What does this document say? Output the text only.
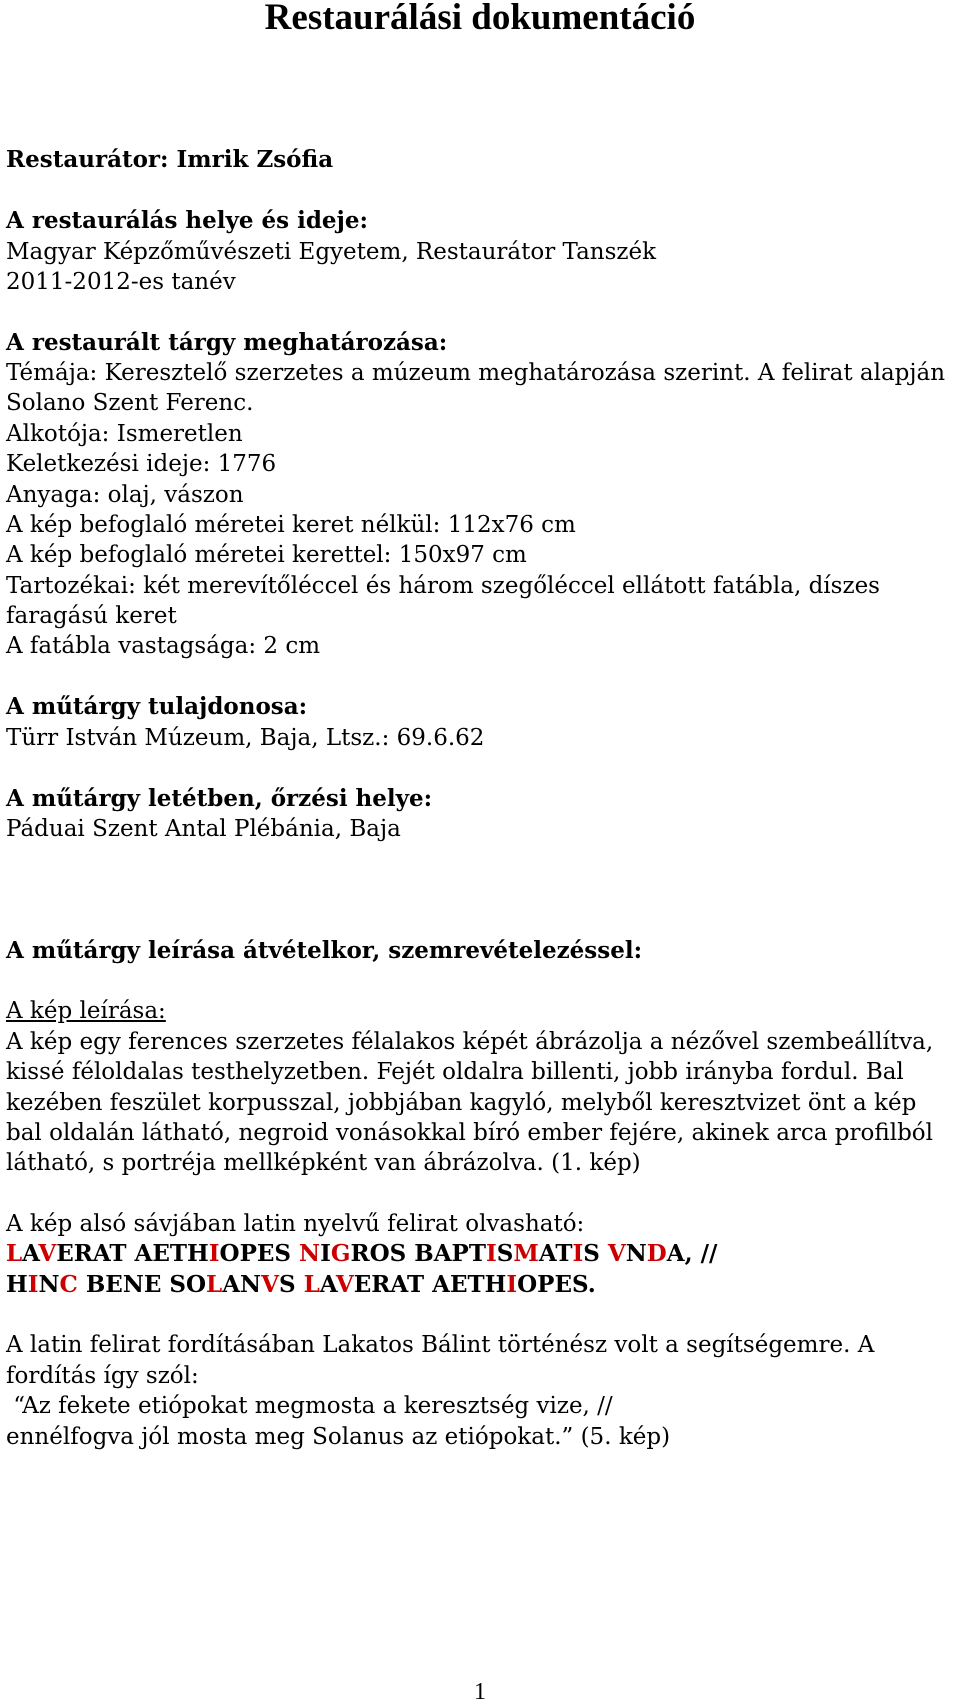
Restaurálási dokumentáció
Restaurátor: Imrik Zsófia
A restaurálás helye és ideje:
Magyar Képzőművészeti Egyetem, Restaurátor Tanszék
2011-2012-es tanév
A restaurált tárgy meghatározása:
Témája: Keresztelő szerzetes a múzeum meghatározása szerint. A felirat alapján
Solano Szent Ferenc.
Alkotója: Ismeretlen
Keletkezési ideje: 1776
Anyaga: olaj, vászon
A kép befoglaló méretei keret nélkül: 112x76 cm
A kép befoglaló méretei kerettel: 150x97 cm
Tartozékai: két merevítőléccel és három szegőléccel ellátott fatábla, díszes
faragású keret
A fatábla vastagsága: 2 cm
A műtárgy tulajdonosa:
Türr István Múzeum, Baja, Ltsz.: 69.6.62
A műtárgy letétben, őrzési helye:
Páduai Szent Antal Plébánia, Baja
A műtárgy leírása átvételkor, szemrevételezéssel:
A kép leírása:
A kép egy ferences szerzetes félalakos képét ábrázolja a nézővel szembeállítva,
kissé féloldalas testhelyzetben. Fejét oldalra billenti, jobb irányba fordul. Bal
kezében feszület korpusszal, jobbjában kagyló, melyből keresztvizet önt a kép
bal oldalán látható, negroid vonásokkal bíró ember fejére, akinek arca profilból
látható, s portréja mellképként van ábrázolva. (1. kép)
A kép alsó sávjában latin nyelvű felirat olvasható:
LAVERAT AETHIOPES NIGROS BAPTISMATIS VNDA, //
HINC BENE SOLANVS LAVERAT AETHIOPES.
A latin felirat fordításában Lakatos Bálint történész volt a segítségemre. A
fordítás így szól:
“Az fekete etiópokat megmosta a keresztség vize, //
ennélfogva jól mosta meg Solanus az etiópokat.” (5. kép)
1
